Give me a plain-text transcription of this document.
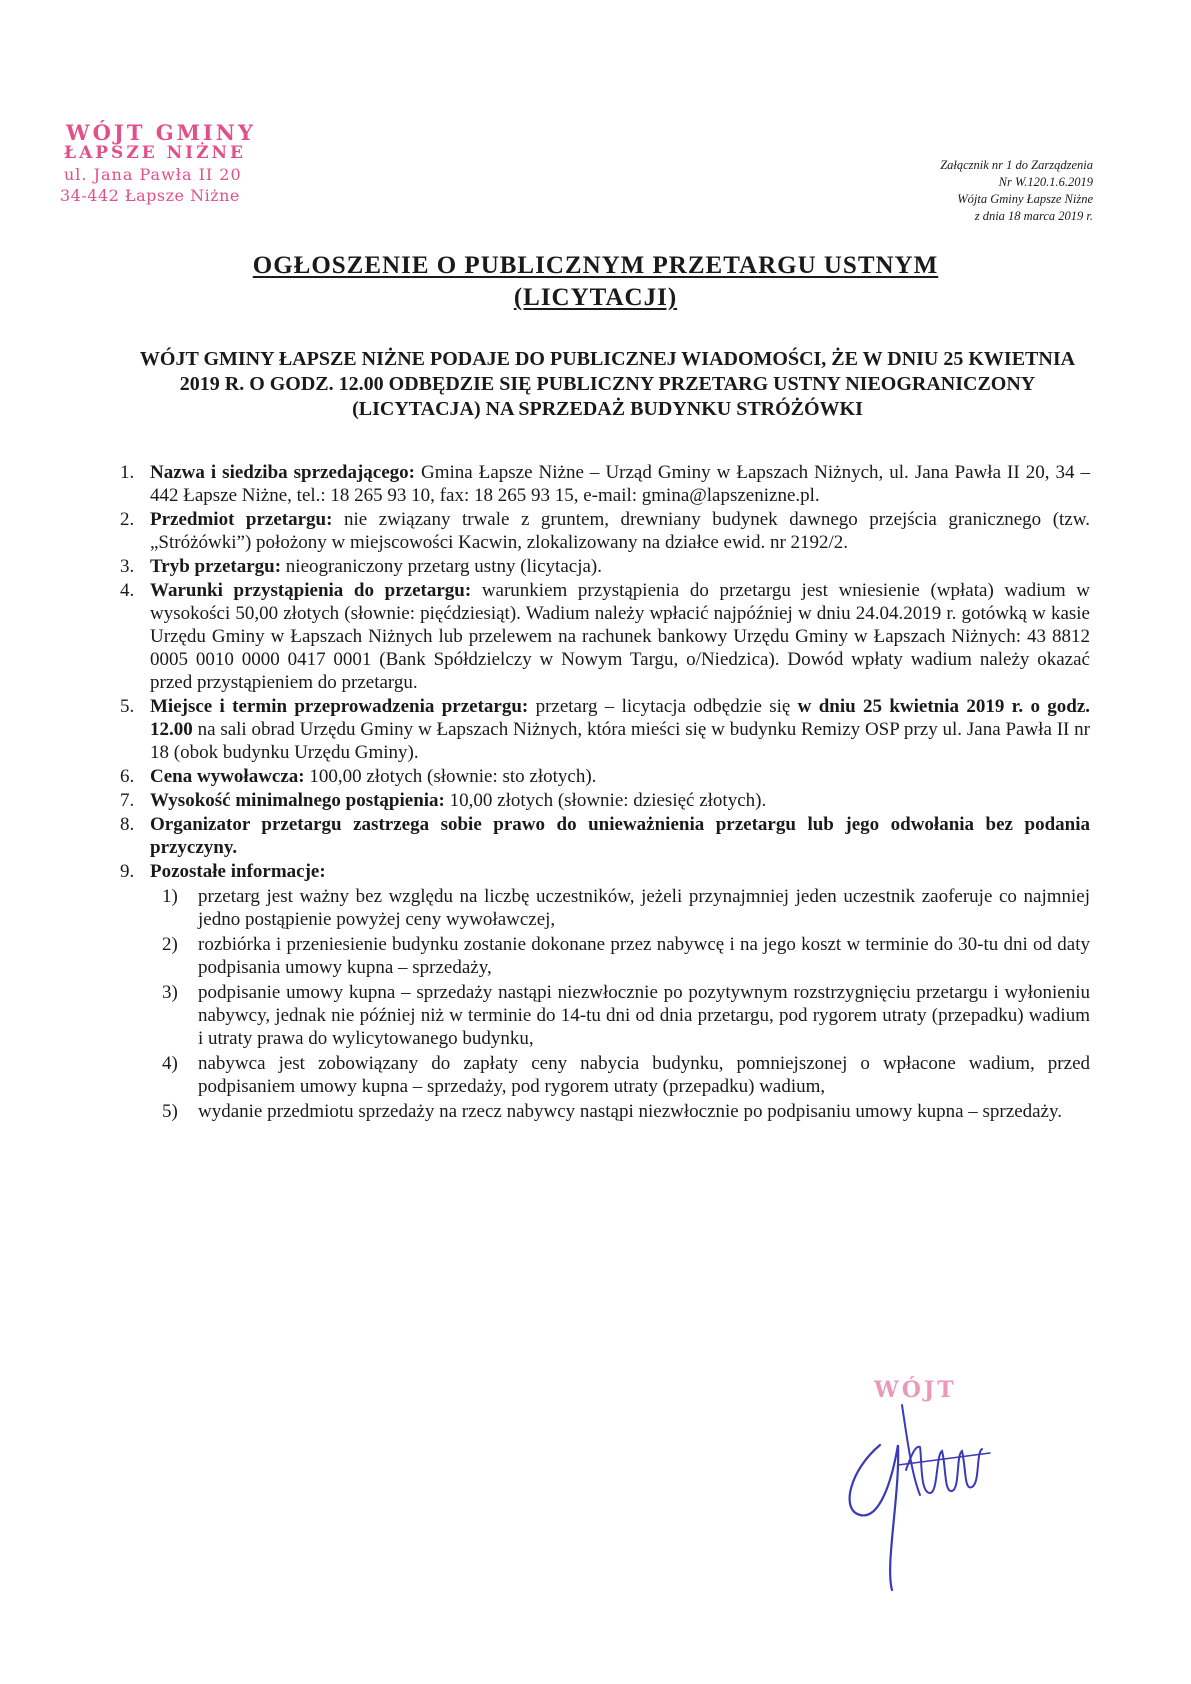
WÓJT GMINY
ŁAPSZE NIŻNE
ul. Jana Pawła II 20
34-442 Łapsze Niżne
Załącznik nr 1 do Zarządzenia
Nr W.120.1.6.2019
Wójta Gminy Łapsze Niżne
z dnia 18 marca 2019 r.
OGŁOSZENIE O PUBLICZNYM PRZETARGU USTNYM
(LICYTACJI)
WÓJT GMINY ŁAPSZE NIŻNE PODAJE DO PUBLICZNEJ WIADOMOŚCI, ŻE W DNIU 25 KWIETNIA 2019 R. O GODZ. 12.00 ODBĘDZIE SIĘ PUBLICZNY PRZETARG USTNY NIEOGRANICZONY (LICYTACJA) NA SPRZEDAŻ BUDYNKU STRÓŻÓWKI
1. Nazwa i siedziba sprzedającego: Gmina Łapsze Niżne – Urząd Gminy w Łapszach Niżnych, ul. Jana Pawła II 20, 34 – 442 Łapsze Niżne, tel.: 18 265 93 10, fax: 18 265 93 15, e-mail: gmina@lapszenizne.pl.
2. Przedmiot przetargu: nie związany trwale z gruntem, drewniany budynek dawnego przejścia granicznego (tzw. „Stróżówki”) położony w miejscowości Kacwin, zlokalizowany na działce ewid. nr 2192/2.
3. Tryb przetargu: nieograniczony przetarg ustny (licytacja).
4. Warunki przystąpienia do przetargu: warunkiem przystąpienia do przetargu jest wniesienie (wpłata) wadium w wysokości 50,00 złotych (słownie: pięćdziesiąt). Wadium należy wpłacić najpóźniej w dniu 24.04.2019 r. gotówką w kasie Urzędu Gminy w Łapszach Niżnych lub przelewem na rachunek bankowy Urzędu Gminy w Łapszach Niżnych: 43 8812 0005 0010 0000 0417 0001 (Bank Spółdzielczy w Nowym Targu, o/Niedzica). Dowód wpłaty wadium należy okazać przed przystąpieniem do przetargu.
5. Miejsce i termin przeprowadzenia przetargu: przetarg – licytacja odbędzie się w dniu 25 kwietnia 2019 r. o godz. 12.00 na sali obrad Urzędu Gminy w Łapszach Niżnych, która mieści się w budynku Remizy OSP przy ul. Jana Pawła II nr 18 (obok budynku Urzędu Gminy).
6. Cena wywoławcza: 100,00 złotych (słownie: sto złotych).
7. Wysokość minimalnego postąpienia: 10,00 złotych (słownie: dziesięć złotych).
8. Organizator przetargu zastrzega sobie prawo do unieważnienia przetargu lub jego odwołania bez podania przyczyny.
9. Pozostałe informacje:
1) przetarg jest ważny bez względu na liczbę uczestników, jeżeli przynajmniej jeden uczestnik zaoferuje co najmniej jedno postąpienie powyżej ceny wywoławczej,
2) rozbiórka i przeniesienie budynku zostanie dokonane przez nabywcę i na jego koszt w terminie do 30-tu dni od daty podpisania umowy kupna – sprzedaży,
3) podpisanie umowy kupna – sprzedaży nastąpi niezwłocznie po pozytywnym rozstrzygnięciu przetargu i wyłonieniu nabywcy, jednak nie później niż w terminie do 14-tu dni od dnia przetargu, pod rygorem utraty (przepadku) wadium i utraty prawa do wylicytowanego budynku,
4) nabywca jest zobowiązany do zapłaty ceny nabycia budynku, pomniejszonej o wpłacone wadium, przed podpisaniem umowy kupna – sprzedaży, pod rygorem utraty (przepadku) wadium,
5) wydanie przedmiotu sprzedaży na rzecz nabywcy nastąpi niezwłocznie po podpisaniu umowy kupna – sprzedaży.
WÓJT
